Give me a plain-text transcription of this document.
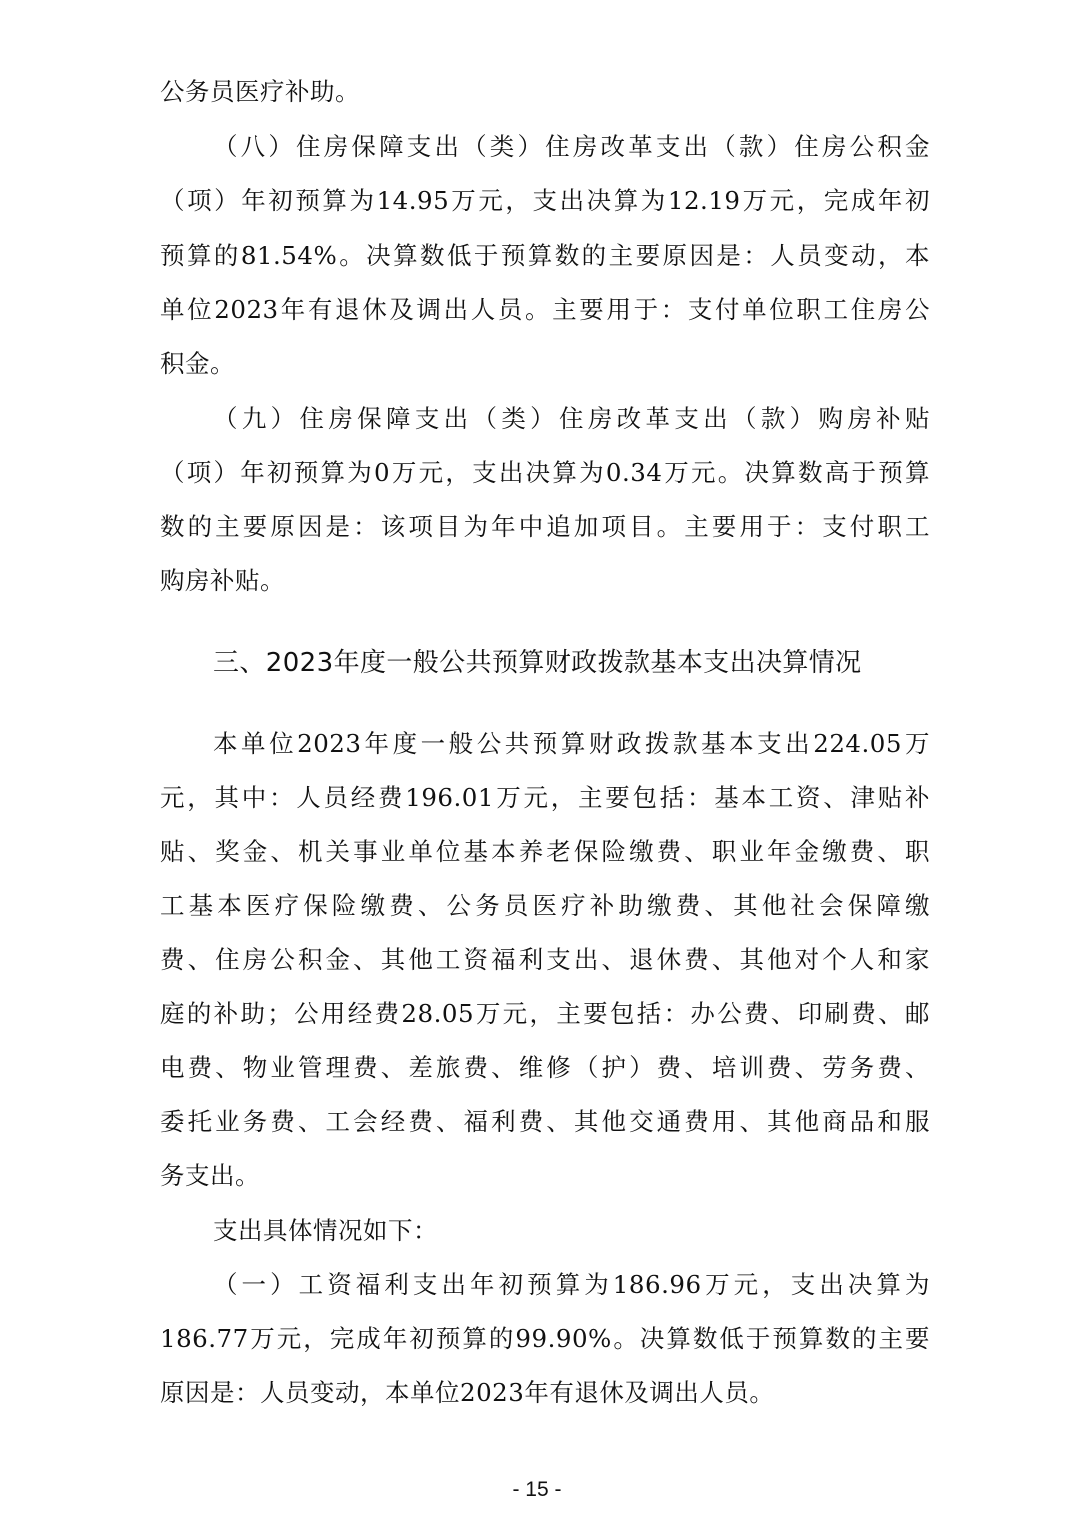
公务员医疗补助。
（八）住房保障支出（类）住房改革支出（款）住房公积金
（项）年初预算为14.95万元，支出决算为12.19万元，完成年初
预算的81.54%。决算数低于预算数的主要原因是：人员变动，本
单位2023年有退休及调出人员。主要用于：支付单位职工住房公
积金。
（九）住房保障支出（类）住房改革支出（款）购房补贴
（项）年初预算为0万元，支出决算为0.34万元。决算数高于预算
数的主要原因是：该项目为年中追加项目。主要用于：支付职工
购房补贴。
三、2023年度一般公共预算财政拨款基本支出决算情况
本单位2023年度一般公共预算财政拨款基本支出224.05万
元，其中：人员经费196.01万元，主要包括：基本工资、津贴补
贴、奖金、机关事业单位基本养老保险缴费、职业年金缴费、职
工基本医疗保险缴费、公务员医疗补助缴费、其他社会保障缴
费、住房公积金、其他工资福利支出、退休费、其他对个人和家
庭的补助；公用经费28.05万元，主要包括：办公费、印刷费、邮
电费、物业管理费、差旅费、维修（护）费、培训费、劳务费、
委托业务费、工会经费、福利费、其他交通费用、其他商品和服
务支出。
支出具体情况如下：
（一）工资福利支出年初预算为186.96万元，支出决算为
186.77万元，完成年初预算的99.90%。决算数低于预算数的主要
原因是：人员变动，本单位2023年有退休及调出人员。
- 15 -
